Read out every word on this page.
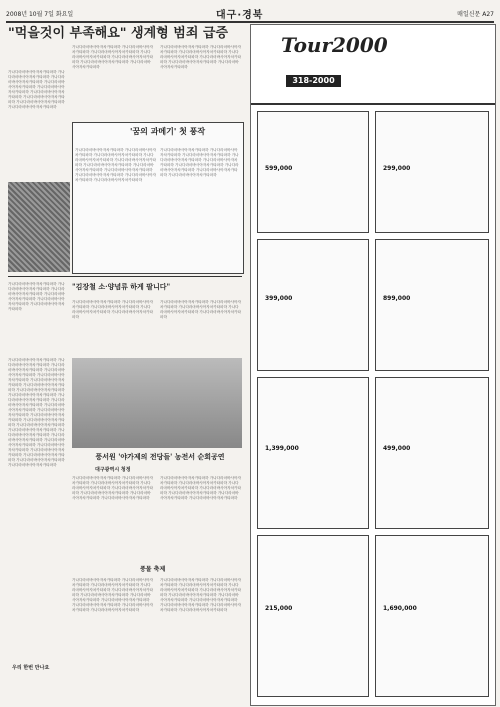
2008년 10월 7일 화요일	대구·경북	매일신문 A27
"먹을것이 부족해요" 생계형 범죄 급증
가나다라마바사아자차카타파하 가나다라마바사아자차카타파하 가나다라마바사아자차카타파하 가나다라마바사아자차카타파하 가나다라마바사아자차카타파하 가나다라마바사아자차카타파하 가나다라마바사아자차카타파하 가나다라마바사아자차카타파하 가나다라마바사아자차카타파하
가나다라마바사아자차카타파하 가나다라마바사아자차카타파하 가나다라마바사아자차카타파하 가나다라마바사아자차카타파하 가나다라마바사아자차카타파하 가나다라마바사아자차카타파하 가나다라마바사아자차카타파하
가나다라마바사아자차카타파하 가나다라마바사아자차카타파하 가나다라마바사아자차카타파하 가나다라마바사아자차카타파하 가나다라마바사아자차카타파하 가나다라마바사아자차카타파하 가나다라마바사아자차카타파하
'꿈의 과메기' 첫 풍작
가나다라마바사아자차카타파하 가나다라마바사아자차카타파하 가나다라마바사아자차카타파하 가나다라마바사아자차카타파하 가나다라마바사아자차카타파하 가나다라마바사아자차카타파하 가나다라마바사아자차카타파하 가나다라마바사아자차카타파하 가나다라마바사아자차카타파하 가나다라마바사아자차카타파하 가나다라마바사아자차카타파하
가나다라마바사아자차카타파하 가나다라마바사아자차카타파하 가나다라마바사아자차카타파하 가나다라마바사아자차카타파하 가나다라마바사아자차카타파하 가나다라마바사아자차카타파하 가나다라마바사아자차카타파하 가나다라마바사아자차카타파하 가나다라마바사아자차카타파하
가나다라마바사아자차카타파하 가나다라마바사아자차카타파하 가나다라마바사아자차카타파하 가나다라마바사아자차카타파하 가나다라마바사아자차카타파하 가나다라마바사아자차카타파하
"김장철 소·양념류 하게 팔니다"
가나다라마바사아자차카타파하 가나다라마바사아자차카타파하 가나다라마바사아자차카타파하 가나다라마바사아자차카타파하 가나다라마바사아자차카타파하
가나다라마바사아자차카타파하 가나다라마바사아자차카타파하 가나다라마바사아자차카타파하 가나다라마바사아자차카타파하 가나다라마바사아자차카타파하
가나다라마바사아자차카타파하 가나다라마바사아자차카타파하 가나다라마바사아자차카타파하 가나다라마바사아자차카타파하 가나다라마바사아자차카타파하 가나다라마바사아자차카타파하 가나다라마바사아자차카타파하 가나다라마바사아자차카타파하 가나다라마바사아자차카타파하 가나다라마바사아자차카타파하 가나다라마바사아자차카타파하 가나다라마바사아자차카타파하 가나다라마바사아자차카타파하 가나다라마바사아자차카타파하 가나다라마바사아자차카타파하 가나다라마바사아자차카타파하 가나다라마바사아자차카타파하 가나다라마바사아자차카타파하 가나다라마바사아자차카타파하 가나다라마바사아자차카타파하 가나다라마바사아자차카타파하 가나다라마바사아자차카타파하 가나다라마바사아자차카타파하 가나다라마바사아자차카타파하 가나다라마바사아자차카타파하
풍서원 '야가제의 전당들' 농전서 순회공연
대구광역시 청정
가나다라마바사아자차카타파하 가나다라마바사아자차카타파하 가나다라마바사아자차카타파하 가나다라마바사아자차카타파하 가나다라마바사아자차카타파하 가나다라마바사아자차카타파하 가나다라마바사아자차카타파하 가나다라마바사아자차카타파하
가나다라마바사아자차카타파하 가나다라마바사아자차카타파하 가나다라마바사아자차카타파하 가나다라마바사아자차카타파하 가나다라마바사아자차카타파하 가나다라마바사아자차카타파하 가나다라마바사아자차카타파하 가나다라마바사아자차카타파하
풍물 축제
가나다라마바사아자차카타파하 가나다라마바사아자차카타파하 가나다라마바사아자차카타파하 가나다라마바사아자차카타파하 가나다라마바사아자차카타파하 가나다라마바사아자차카타파하 가나다라마바사아자차카타파하 가나다라마바사아자차카타파하 가나다라마바사아자차카타파하 가나다라마바사아자차카타파하 가나다라마바사아자차카타파하
가나다라마바사아자차카타파하 가나다라마바사아자차카타파하 가나다라마바사아자차카타파하 가나다라마바사아자차카타파하 가나다라마바사아자차카타파하 가나다라마바사아자차카타파하 가나다라마바사아자차카타파하 가나다라마바사아자차카타파하 가나다라마바사아자차카타파하 가나다라마바사아자차카타파하 가나다라마바사아자차카타파하
우리 한번 만나요
Tour2000
318-2000
599,000	299,000
399,000	899,000
1,399,000	499,000
215,000	1,690,000
